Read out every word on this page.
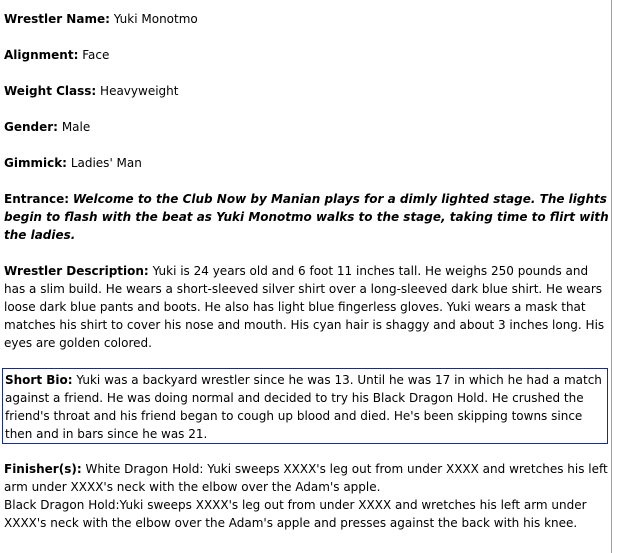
Wrestler Name: Yuki Monotmo
Alignment: Face
Weight Class: Heavyweight
Gender: Male
Gimmick: Ladies' Man
Entrance: Welcome to the Club Now by Manian plays for a dimly lighted stage. The lights begin to flash with the beat as Yuki Monotmo walks to the stage, taking time to flirt with the ladies.
Wrestler Description: Yuki is 24 years old and 6 foot 11 inches tall. He weighs 250 pounds and has a slim build. He wears a short-sleeved silver shirt over a long-sleeved dark blue shirt. He wears loose dark blue pants and boots. He also has light blue fingerless gloves. Yuki wears a mask that matches his shirt to cover his nose and mouth. His cyan hair is shaggy and about 3 inches long. His eyes are golden colored.
Short Bio: Yuki was a backyard wrestler since he was 13. Until he was 17 in which he had a match against a friend. He was doing normal and decided to try his Black Dragon Hold. He crushed the friend's throat and his friend began to cough up blood and died. He's been skipping towns since then and in bars since he was 21.
Finisher(s): White Dragon Hold: Yuki sweeps XXXX's leg out from under XXXX and wretches his left arm under XXXX's neck with the elbow over the Adam's apple.
Black Dragon Hold:Yuki sweeps XXXX's leg out from under XXXX and wretches his left arm under XXXX's neck with the elbow over the Adam's apple and presses against the back with his knee.
